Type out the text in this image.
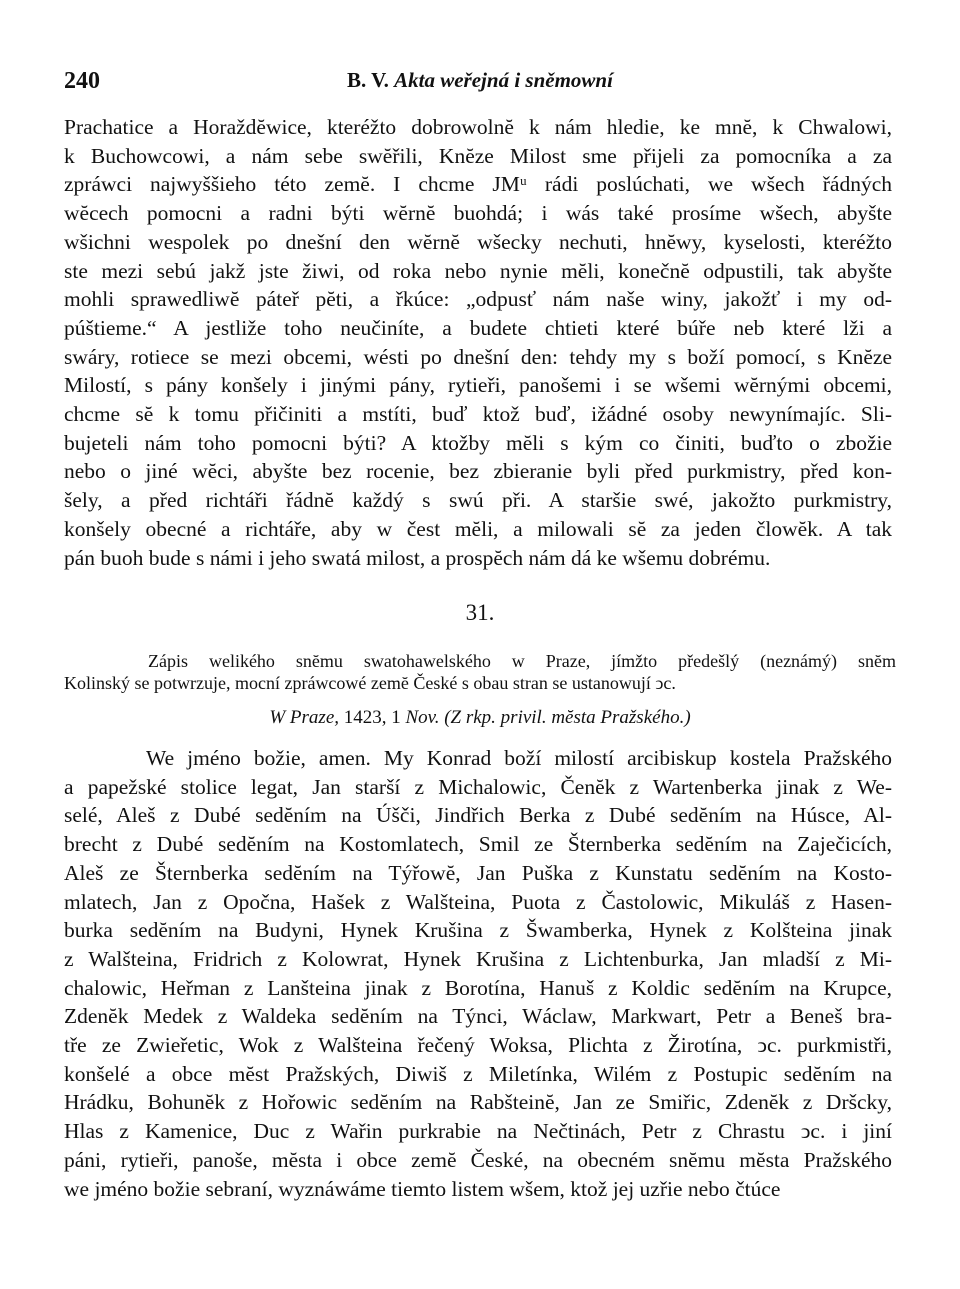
240	B. V. Akta weřejná i sněmowní
Prachatice a Horaždĕwice, kteréžto dobrowolnĕ k nám hledie, ke mnĕ, k Chwalowi,
k Buchowcowi, a nám sebe swĕřili, Knĕze Milost sme přijeli za pomocníka a za
zpráwci najwyššieho této zemĕ. I chcme JMᵘ rádi poslúchati, we wšech řádných
wĕcech pomocni a radni býti wĕrnĕ buohdá; i wás také prosíme wšech, abyšte
wšichni wespolek po dnešní den wĕrnĕ wšecky nechuti, hnĕwy, kyselosti, kteréžto
ste mezi sebú jakž jste žiwi, od roka nebo nynie mĕli, konečnĕ odpustili, tak abyšte
mohli sprawedliwĕ páteř pĕti, a řkúce: „odpusť nám naše winy, jakožť i my od-
púštieme.“ A jestliže toho neučiníte, a budete chtieti které búře neb které lži a
swáry, rotiece se mezi obcemi, wésti po dnešní den: tehdy my s boží pomocí, s Knĕze
Milostí, s pány konšely i jinými pány, rytieři, panošemi i se wšemi wĕrnými obcemi,
chcme sĕ k tomu přičiniti a mstíti, buď ktož buď, ižádné osoby newynímajíc. Sli-
bujeteli nám toho pomocni býti? A ktožby mĕli s kým co činiti, buďto o zbožie
nebo o jiné wĕci, abyšte bez rocenie, bez zbieranie byli před purkmistry, před kon-
šely, a před richtáři řádnĕ každý s swú při. A staršie swé, jakožto purkmistry,
konšely obecné a richtáře, aby w čest mĕli, a milowali sĕ za jeden člowĕk. A tak
pán buoh bude s námi i jeho swatá milost, a prospĕch nám dá ke wšemu dobrému.
31.
Zápis welikého snĕmu swatohawelského w Praze, jímžto předešlý (neznámý) snĕm
Kolinský se potwrzuje, mocní zpráwcowé zemĕ České s obau stran se ustanowují ↄc.
W Praze, 1423, 1 Nov. (Z rkp. privil. mĕsta Pražského.)
We jméno božie, amen. My Konrad boží milostí arcibiskup kostela Pražského
a papežské stolice legat, Jan starší z Michalowic, Čenĕk z Wartenberka jinak z We-
selé, Aleš z Dubé sedĕním na Úšči, Jindřich Berka z Dubé sedĕním na Húsce, Al-
brecht z Dubé sedĕním na Kostomlatech, Smil ze Šternberka sedĕním na Zaječicích,
Aleš ze Šternberka sedĕním na Týřowĕ, Jan Puška z Kunstatu sedĕním na Kosto-
mlatech, Jan z Opočna, Hašek z Walšteina, Puota z Častolowic, Mikuláš z Hasen-
burka sedĕním na Budyni, Hynek Krušina z Šwamberka, Hynek z Kolšteina jinak
z Walšteina, Fridrich z Kolowrat, Hynek Krušina z Lichtenburka, Jan mladší z Mi-
chalowic, Heřman z Lanšteina jinak z Borotína, Hanuš z Koldic sedĕním na Krupce,
Zdenĕk Medek z Waldeka sedĕním na Týnci, Wáclaw, Markwart, Petr a Beneš bra-
tře ze Zwieřetic, Wok z Walšteina řečený Woksa, Plichta z Žirotína, ↄc. purkmistři,
konšelé a obce mĕst Pražských, Diwiš z Miletínka, Wilém z Postupic sedĕním na
Hrádku, Bohunĕk z Hořowic sedĕním na Rabšteinĕ, Jan ze Smiřic, Zdenĕk z Dršcky,
Hlas z Kamenice, Duc z Wařin purkrabie na Nečtinách, Petr z Chrastu ↄc. i jiní
páni, rytieři, panoše, mĕsta i obce zemĕ České, na obecném snĕmu mĕsta Pražského
we jméno božie sebraní, wyznáwáme tiemto listem wšem, ktož jej uzřie nebo čtúce
